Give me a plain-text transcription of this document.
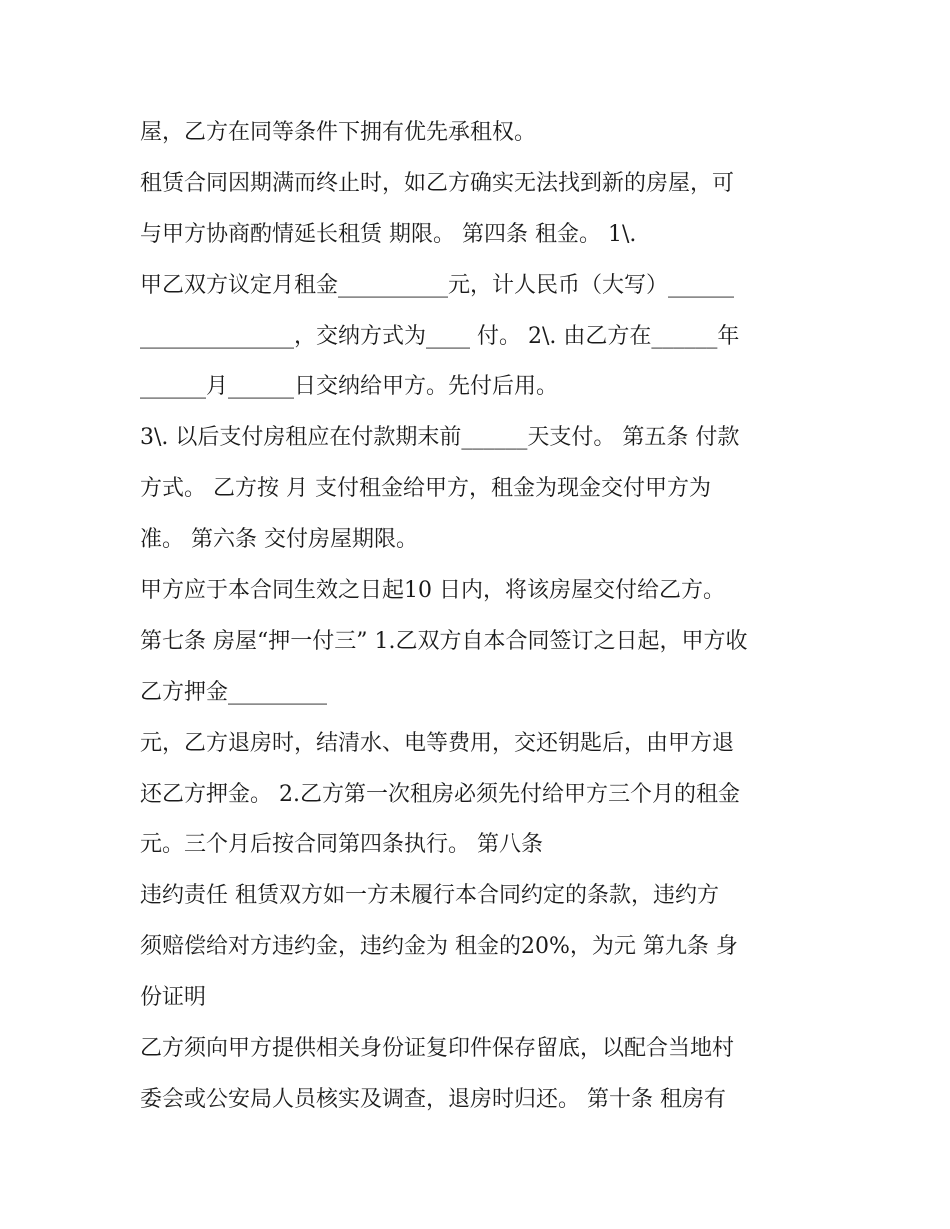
屋，乙方在同等条件下拥有优先承租权。
租赁合同因期满而终止时，如乙方确实无法找到新的房屋，可
与甲方协商酌情延长租赁 期限。 第四条 租金。 1\.
甲乙双方议定月租金__________元，计人民币（大写）______
______________，交纳方式为____ 付。 2\. 由乙方在______年
______月______日交纳给甲方。先付后用。
3\. 以后支付房租应在付款期末前______天支付。 第五条 付款
方式。 乙方按 月 支付租金给甲方，租金为现金交付甲方为
准。 第六条 交付房屋期限。
甲方应于本合同生效之日起10 日内，将该房屋交付给乙方。
第七条 房屋“押一付三” 1.乙双方自本合同签订之日起，甲方收
乙方押金_________
元，乙方退房时，结清水、电等费用，交还钥匙后，由甲方退
还乙方押金。 2.乙方第一次租房必须先付给甲方三个月的租金
元。三个月后按合同第四条执行。 第八条
违约责任 租赁双方如一方未履行本合同约定的条款，违约方
须赔偿给对方违约金，违约金为 租金的20%，为元 第九条 身
份证明
乙方须向甲方提供相关身份证复印件保存留底，以配合当地村
委会或公安局人员核实及调查，退房时归还。 第十条 租房有
